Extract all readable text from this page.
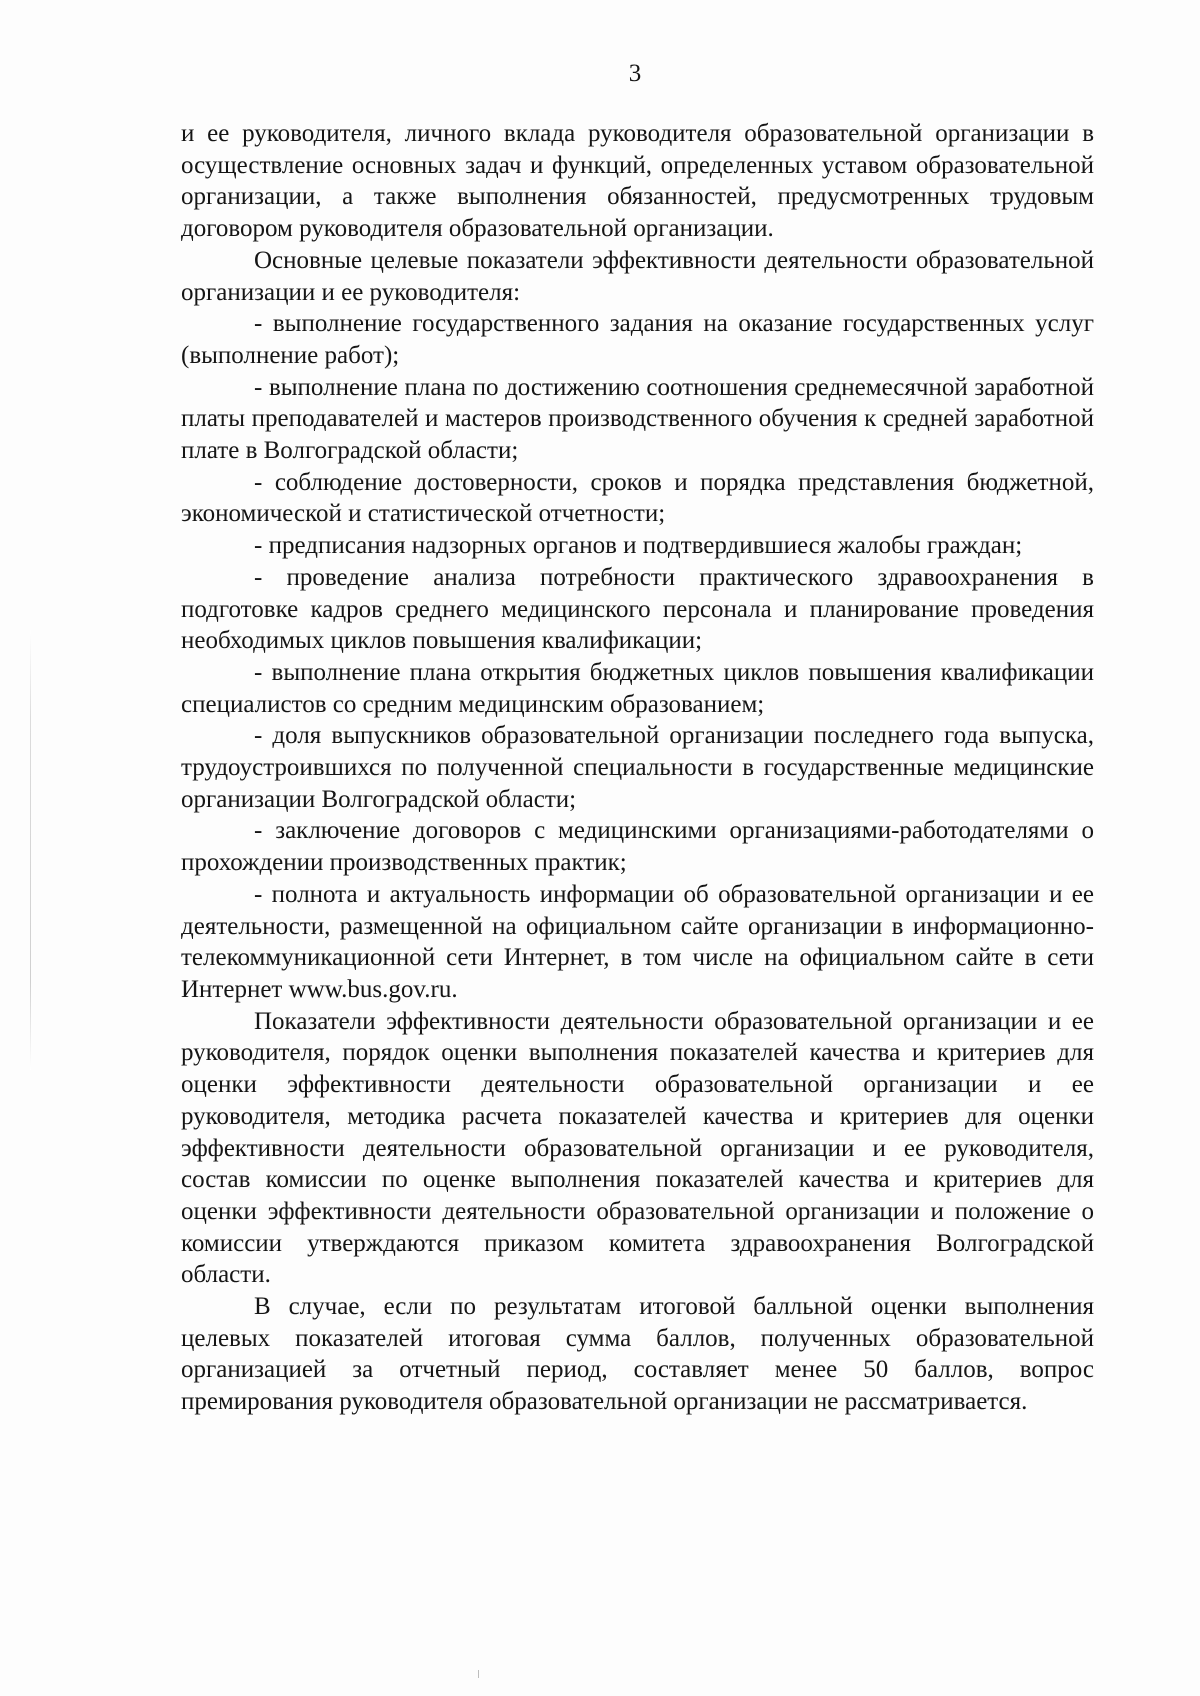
3

и ее руководителя, личного вклада руководителя образовательной организации в осуществление основных задач и функций, определенных уставом образовательной организации, а также выполнения обязанностей, предусмотренных трудовым договором руководителя образовательной организации.

Основные целевые показатели эффективности деятельности образовательной организации и ее руководителя:

- выполнение государственного задания на оказание государственных услуг (выполнение работ);

- выполнение плана по достижению соотношения среднемесячной заработной платы преподавателей и мастеров производственного обучения к средней заработной плате в Волгоградской области;

- соблюдение достоверности, сроков и порядка представления бюджетной, экономической и статистической отчетности;

- предписания надзорных органов и подтвердившиеся жалобы граждан;

- проведение анализа потребности практического здравоохранения в подготовке кадров среднего медицинского персонала и планирование проведения необходимых циклов повышения квалификации;

- выполнение плана открытия бюджетных циклов повышения квалификации специалистов со средним медицинским образованием;

- доля выпускников образовательной организации последнего года выпуска, трудоустроившихся по полученной специальности в государственные медицинские организации Волгоградской области;

- заключение договоров с медицинскими организациями-работодателями о прохождении производственных практик;

- полнота и актуальность информации об образовательной организации и ее деятельности, размещенной на официальном сайте организации в информационно-телекоммуникационной сети Интернет, в том числе на официальном сайте в сети Интернет www.bus.gov.ru.

Показатели эффективности деятельности образовательной организации и ее руководителя, порядок оценки выполнения показателей качества и критериев для оценки эффективности деятельности образовательной организации и ее руководителя, методика расчета показателей качества и критериев для оценки эффективности деятельности образовательной организации и ее руководителя, состав комиссии по оценке выполнения показателей качества и критериев для оценки эффективности деятельности образовательной организации и положение о комиссии утверждаются приказом комитета здравоохранения Волгоградской области.

В случае, если по результатам итоговой балльной оценки выполнения целевых показателей итоговая сумма баллов, полученных образовательной организацией за отчетный период, составляет менее 50 баллов, вопрос премирования руководителя образовательной организации не рассматривается.
